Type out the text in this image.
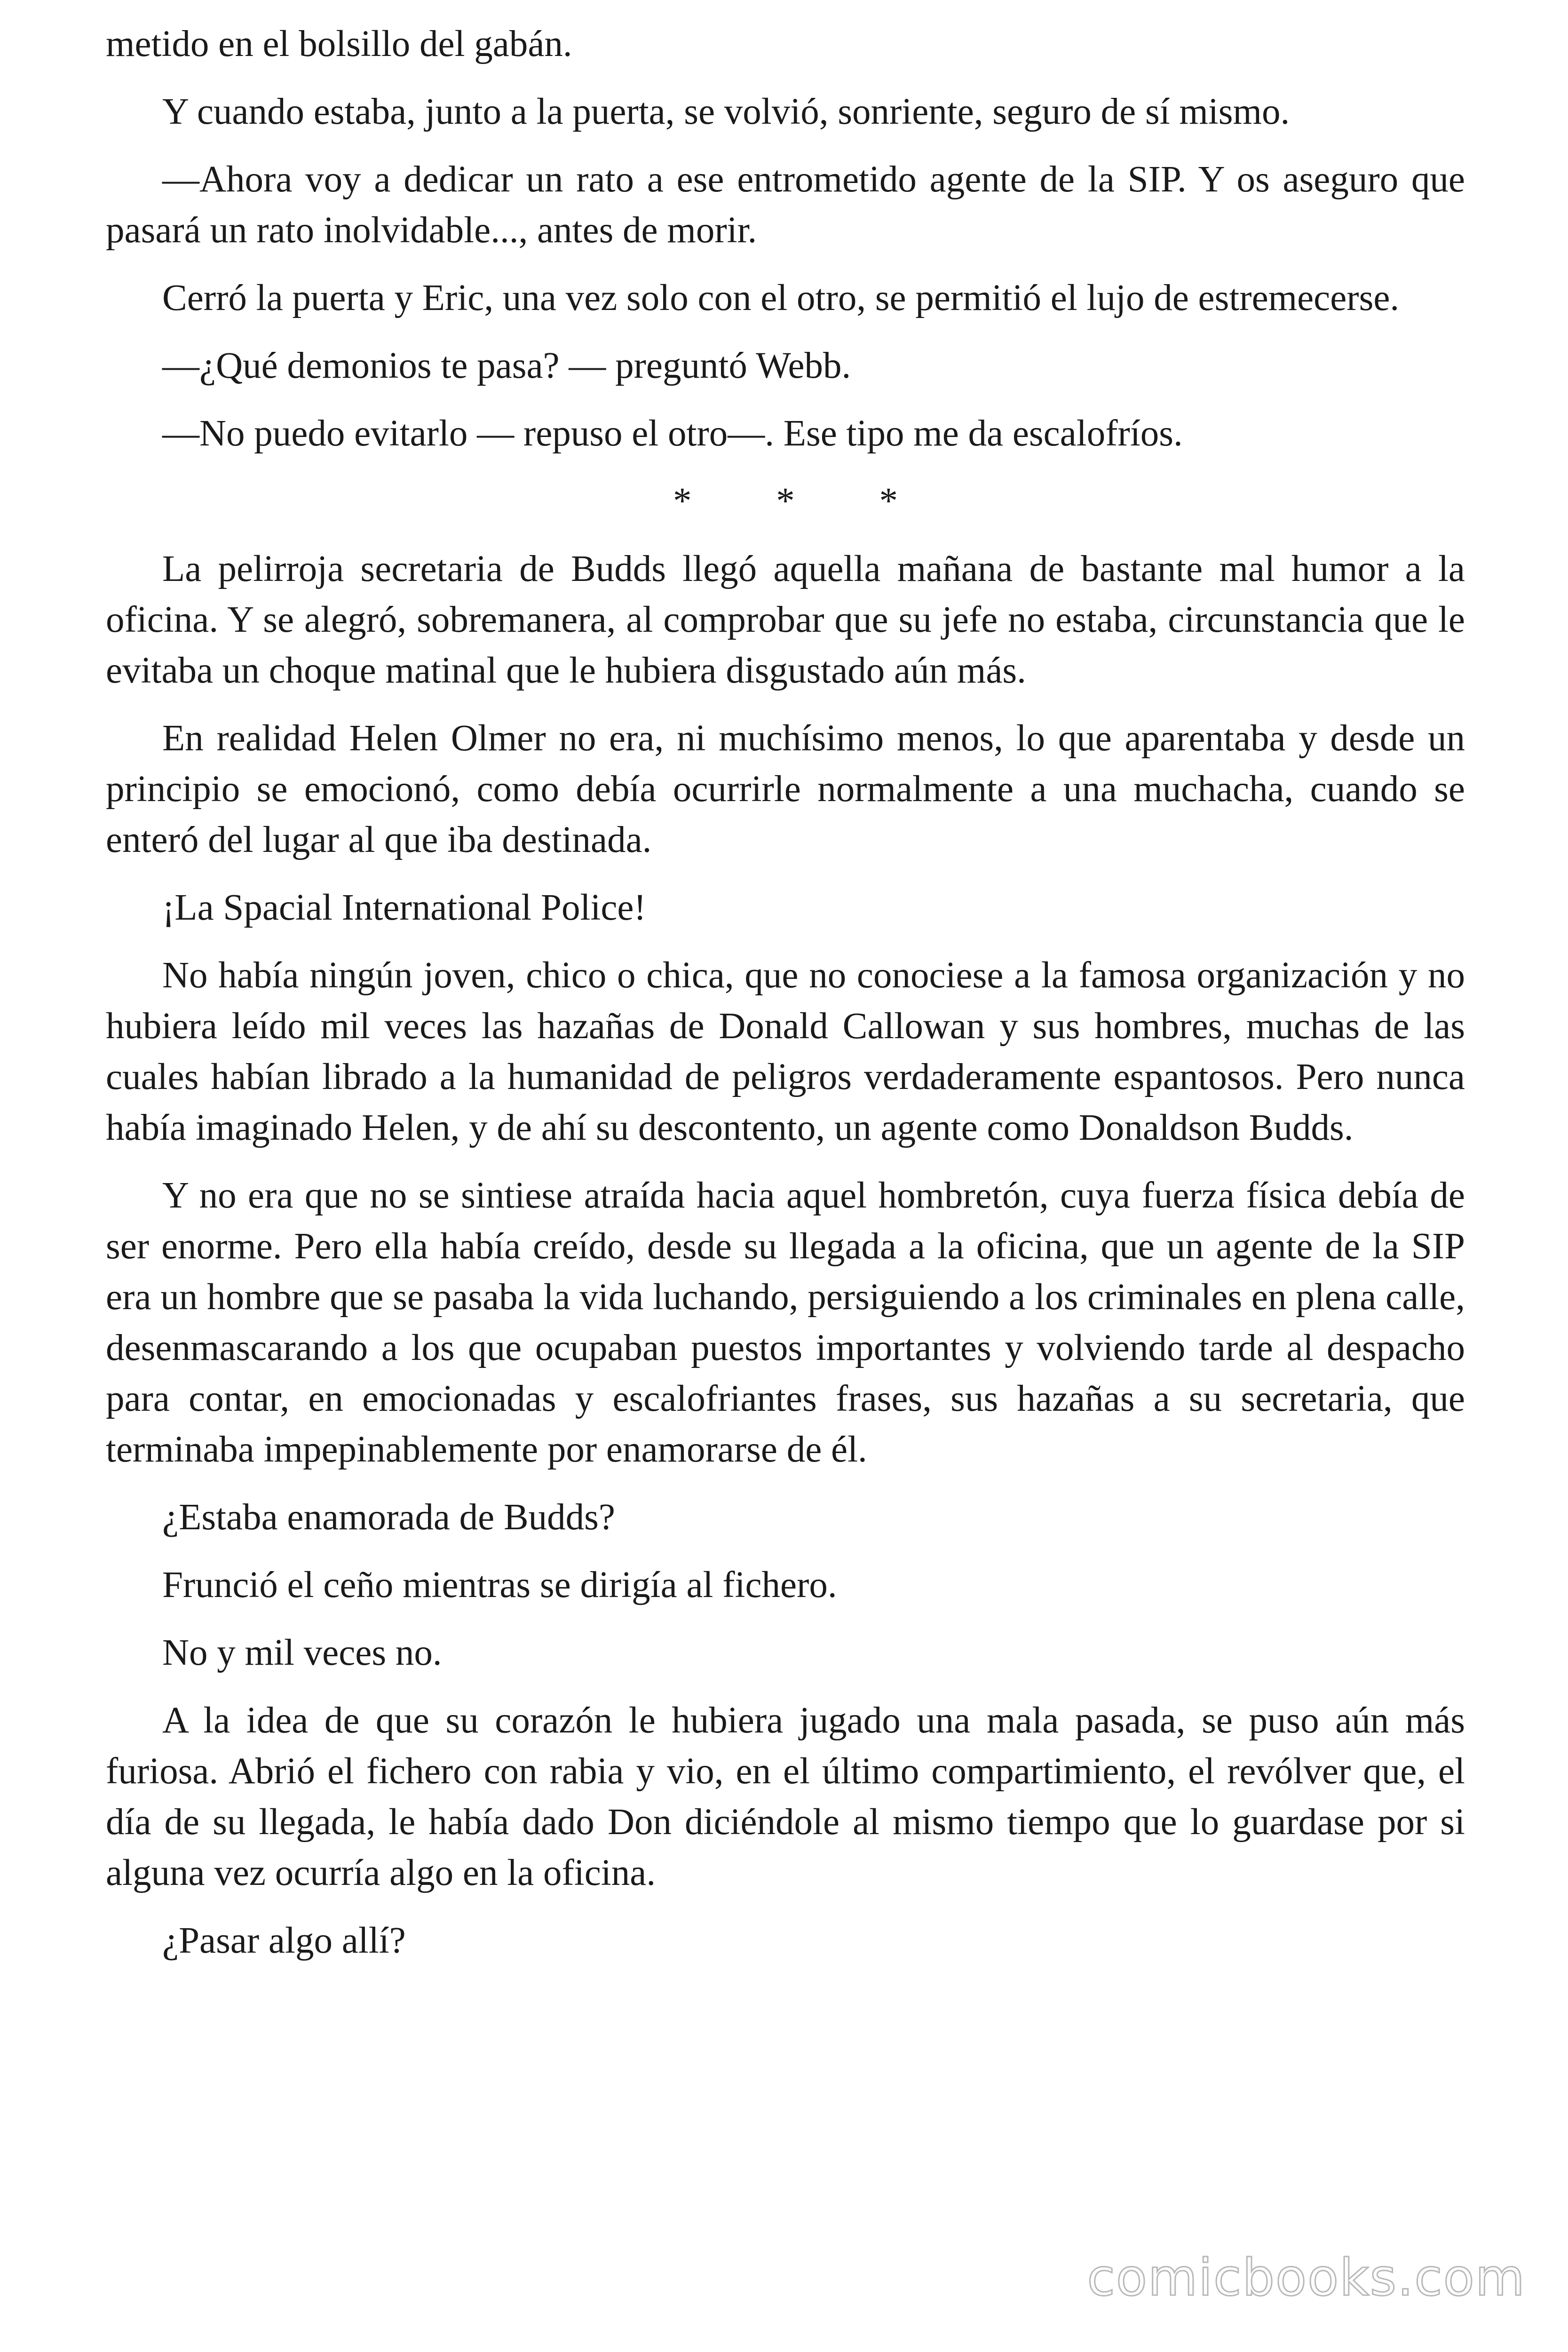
metido en el bolsillo del gabán.

Y cuando estaba, junto a la puerta, se volvió, sonriente, seguro de sí mismo.

—Ahora voy a dedicar un rato a ese entrometido agente de la SIP. Y os aseguro que pasará un rato inolvidable..., antes de morir.

Cerró la puerta y Eric, una vez solo con el otro, se permitió el lujo de estremecerse.

—¿Qué demonios te pasa? — preguntó Webb.

—No puedo evitarlo — repuso el otro—. Ese tipo me da escalofríos.

* * *

La pelirroja secretaria de Budds llegó aquella mañana de bastante mal humor a la oficina. Y se alegró, sobremanera, al comprobar que su jefe no estaba, circunstancia que le evitaba un choque matinal que le hubiera disgustado aún más.

En realidad Helen Olmer no era, ni muchísimo menos, lo que aparentaba y desde un principio se emocionó, como debía ocurrirle normalmente a una muchacha, cuando se enteró del lugar al que iba destinada.

¡La Spacial International Police!

No había ningún joven, chico o chica, que no conociese a la famosa organización y no hubiera leído mil veces las hazañas de Donald Callowan y sus hombres, muchas de las cuales habían librado a la humanidad de peligros verdaderamente espantosos. Pero nunca había imaginado Helen, y de ahí su descontento, un agente como Donaldson Budds.

Y no era que no se sintiese atraída hacia aquel hombretón, cuya fuerza física debía de ser enorme. Pero ella había creído, desde su llegada a la oficina, que un agente de la SIP era un hombre que se pasaba la vida luchando, persiguiendo a los criminales en plena calle, desenmascarando a los que ocupaban puestos importantes y volviendo tarde al despacho para contar, en emocionadas y escalofriantes frases, sus hazañas a su secretaria, que terminaba impepinablemente por enamorarse de él.

¿Estaba enamorada de Budds?

Frunció el ceño mientras se dirigía al fichero.

No y mil veces no.

A la idea de que su corazón le hubiera jugado una mala pasada, se puso aún más furiosa. Abrió el fichero con rabia y vio, en el último compartimiento, el revólver que, el día de su llegada, le había dado Don diciéndole al mismo tiempo que lo guardase por si alguna vez ocurría algo en la oficina.

¿Pasar algo allí?

comicbooks.com
